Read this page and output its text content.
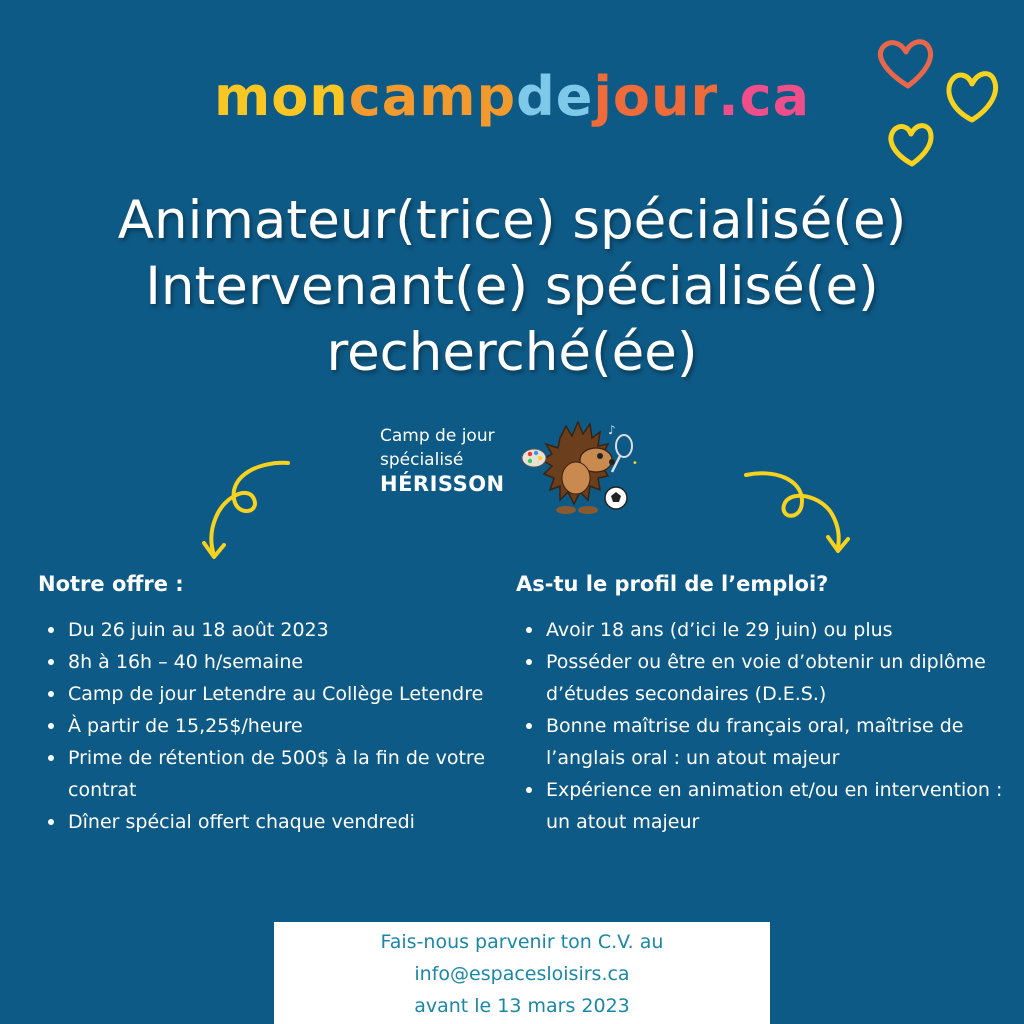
moncampdejour.ca
Animateur(trice) spécialisé(e)
Intervenant(e) spécialisé(e)
recherché(ée)
Camp de jour
spécialisé
HÉRISSON
♪
•
Notre offre :
Du 26 juin au 18 août 2023
8h à 16h – 40 h/semaine
Camp de jour Letendre au Collège Letendre
À partir de 15,25$/heure
Prime de rétention de 500$ à la fin de votre contrat
Dîner spécial offert chaque vendredi
As-tu le profil de l’emploi?
Avoir 18 ans (d’ici le 29 juin) ou plus
Posséder ou être en voie d’obtenir un diplôme d’études secondaires (D.E.S.)
Bonne maîtrise du français oral, maîtrise de l’anglais oral : un atout majeur
Expérience en animation et/ou en intervention : un atout majeur
Fais-nous parvenir ton C.V. au
info@espacesloisirs.ca
avant le 13 mars 2023
